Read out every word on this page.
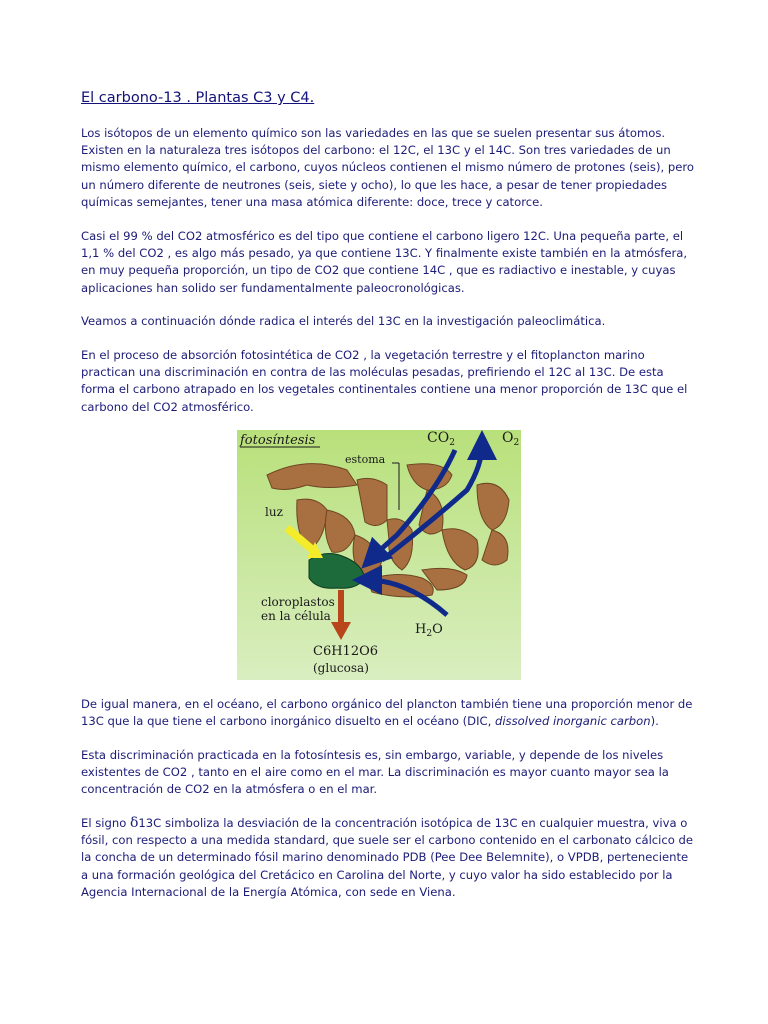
El carbono-13 . Plantas C3 y C4.

Los isótopos de un elemento químico son las variedades en las que se suelen presentar sus átomos. Existen en la naturaleza tres isótopos del carbono: el 12C, el 13C y el 14C. Son tres variedades de un mismo elemento químico, el carbono, cuyos núcleos contienen el mismo número de protones (seis), pero un número diferente de neutrones (seis, siete y ocho), lo que les hace, a pesar de tener propiedades químicas semejantes, tener una masa atómica diferente: doce, trece y catorce.

Casi el 99 % del CO2 atmosférico es del tipo que contiene el carbono ligero 12C. Una pequeña parte, el 1,1 % del CO2 , es algo más pesado, ya que contiene 13C. Y finalmente existe también en la atmósfera, en muy pequeña proporción, un tipo de CO2 que contiene 14C , que es radiactivo e inestable, y cuyas aplicaciones han solido ser fundamentalmente paleocronológicas.

Veamos a continuación dónde radica el interés del 13C en la investigación paleoclimática.

En el proceso de absorción fotosintética de CO2 , la vegetación terrestre y el fitoplancton marino practican una discriminación en contra de las moléculas pesadas, prefiriendo el 12C al 13C. De esta forma el carbono atrapado en los vegetales continentales contiene una menor proporción de 13C que el carbono del CO2 atmosférico.

fotosíntesis	$CO_2$	$O_2$
estoma
luz
cloroplastos
en la célula
$H_2O$
C6H12O6
(glucosa)

De igual manera, en el océano, el carbono orgánico del plancton también tiene una proporción menor de 13C que la que tiene el carbono inorgánico disuelto en el océano (DIC, dissolved inorganic carbon).

Esta discriminación practicada en la fotosíntesis es, sin embargo, variable, y depende de los niveles existentes de CO2 , tanto en el aire como en el mar. La discriminación es mayor cuanto mayor sea la concentración de CO2 en la atmósfera o en el mar.

El signo δ13C simboliza la desviación de la concentración isotópica de 13C en cualquier muestra, viva o fósil, con respecto a una medida standard, que suele ser el carbono contenido en el carbonato cálcico de la concha de un determinado fósil marino denominado PDB (Pee Dee Belemnite), o VPDB, perteneciente a una formación geológica del Cretácico en Carolina del Norte, y cuyo valor ha sido establecido por la Agencia Internacional de la Energía Atómica, con sede en Viena.
